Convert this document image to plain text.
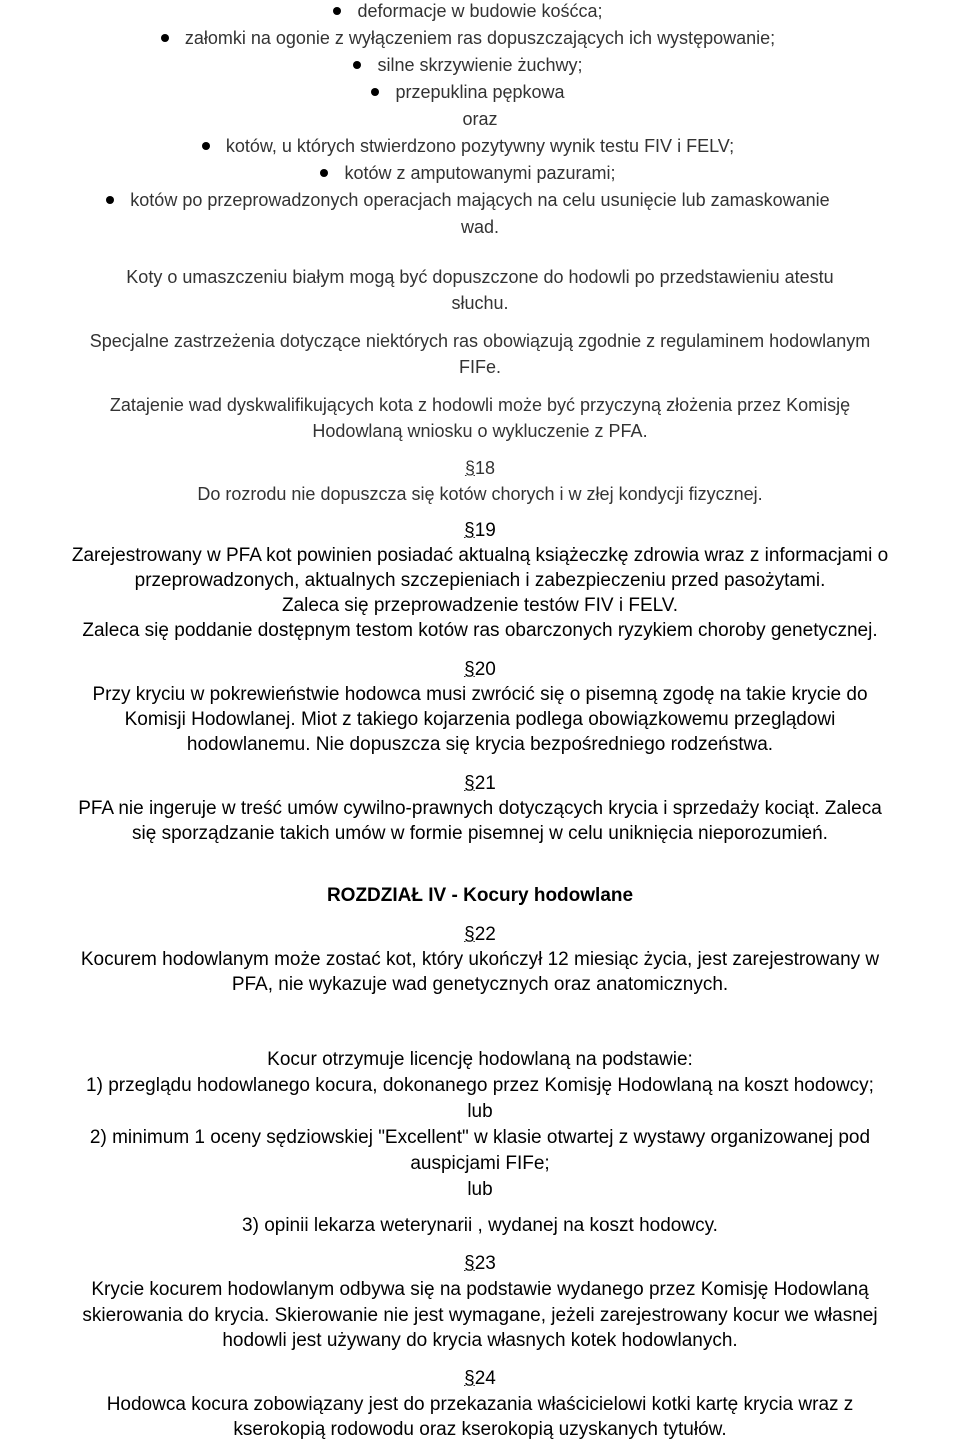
deformacje w budowie kośćca;
załomki na ogonie z wyłączeniem ras dopuszczających ich występowanie;
silne skrzywienie żuchwy;
przepuklina pępkowa
oraz
kotów, u których stwierdzono pozytywny wynik testu FIV i FELV;
kotów z amputowanymi pazurami;
kotów po przeprowadzonych operacjach mających na celu usunięcie lub zamaskowanie
wad.
Koty o umaszczeniu białym mogą być dopuszczone do hodowli po przedstawieniu atestu
słuchu.
Specjalne zastrzeżenia dotyczące niektórych ras obowiązują zgodnie z regulaminem hodowlanym
FIFe.
Zatajenie wad dyskwalifikujących kota z hodowli może być przyczyną złożenia przez Komisję
Hodowlaną wniosku o wykluczenie z PFA.
§18
Do rozrodu nie dopuszcza się kotów chorych i w złej kondycji fizycznej.
§19
Zarejestrowany w PFA kot powinien posiadać aktualną książeczkę zdrowia wraz z informacjami o
przeprowadzonych, aktualnych szczepieniach i zabezpieczeniu przed pasożytami.
Zaleca się przeprowadzenie testów FIV i FELV.
Zaleca się poddanie dostępnym testom kotów ras obarczonych ryzykiem choroby genetycznej.
§20
Przy kryciu w pokrewieństwie hodowca musi zwrócić się o pisemną zgodę na takie krycie do
Komisji Hodowlanej. Miot z takiego kojarzenia podlega obowiązkowemu przeglądowi
hodowlanemu. Nie dopuszcza się krycia bezpośredniego rodzeństwa.
§21
PFA nie ingeruje w treść umów cywilno-prawnych dotyczących krycia i sprzedaży kociąt. Zaleca
się sporządzanie takich umów w formie pisemnej w celu uniknięcia nieporozumień.
ROZDZIAŁ IV - Kocury hodowlane
§22
Kocurem hodowlanym może zostać kot, który ukończył 12 miesiąc życia, jest zarejestrowany w
PFA, nie wykazuje wad genetycznych oraz anatomicznych.
Kocur otrzymuje licencję hodowlaną na podstawie:
1) przeglądu hodowlanego kocura, dokonanego przez Komisję Hodowlaną na koszt hodowcy;
lub
2) minimum 1 oceny sędziowskiej "Excellent" w klasie otwartej z wystawy organizowanej pod
auspicjami FIFe;
lub
3) opinii lekarza weterynarii , wydanej na koszt hodowcy.
§23
Krycie kocurem hodowlanym odbywa się na podstawie wydanego przez Komisję Hodowlaną
skierowania do krycia. Skierowanie nie jest wymagane, jeżeli zarejestrowany kocur we własnej
hodowli jest używany do krycia własnych kotek hodowlanych.
§24
Hodowca kocura zobowiązany jest do przekazania właścicielowi kotki kartę krycia wraz z
kserokopią rodowodu oraz kserokopią uzyskanych tytułów.
